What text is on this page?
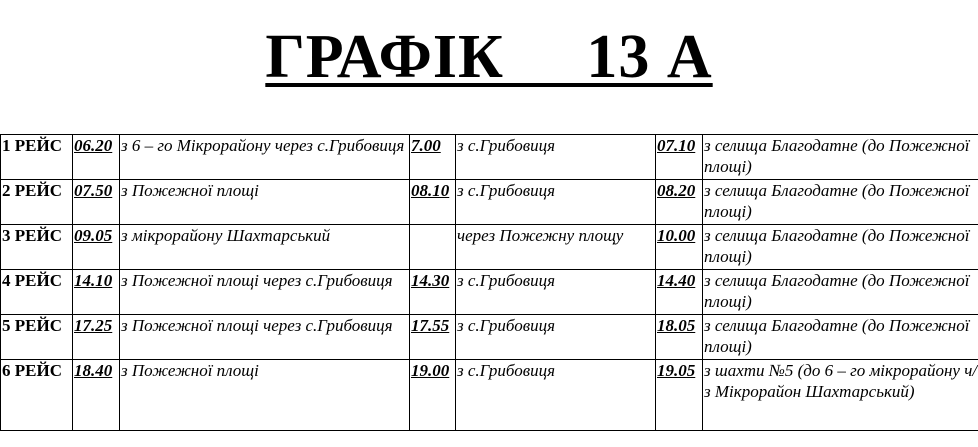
ГРАФІК     13 А
1 РЕЙС	06.20	з 6 – го Мікрорайону через с.Грибовиця	7.00	з с.Грибовиця	07.10	з селища Благодатне (до Пожежної площі)
2 РЕЙС	07.50	з Пожежної площі	08.10	з с.Грибовиця	08.20	з селища Благодатне (до Пожежної площі)
3 РЕЙС	09.05	з мікрорайону Шахтарський		через Пожежну площу	10.00	з селища Благодатне (до Пожежної площі)
4 РЕЙС	14.10	з Пожежної площі через с.Грибовиця	14.30	з с.Грибовиця	14.40	з селища Благодатне (до Пожежної площі)
5 РЕЙС	17.25	з Пожежної площі через с.Грибовиця	17.55	з с.Грибовиця	18.05	з селища Благодатне (до Пожежної площі)
6 РЕЙС	18.40	з Пожежної площі	19.00	з с.Грибовиця	19.05	з шахти №5 (до 6 – го мікрорайону ч/з Мікрорайон Шахтарський)
